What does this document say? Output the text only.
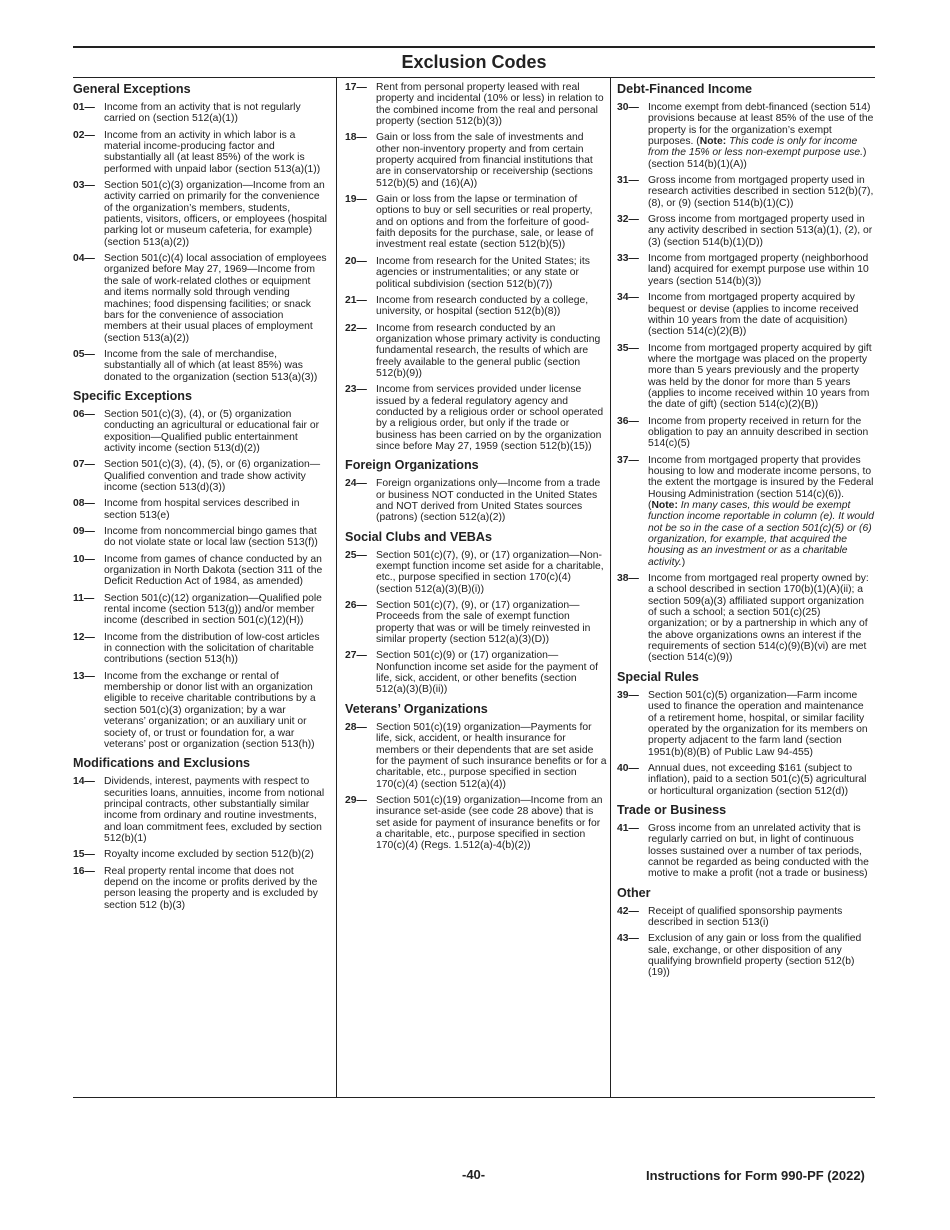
Exclusion Codes
General Exceptions
01— Income from an activity that is not regularly carried on (section 512(a)(1))
02— Income from an activity in which labor is a material income-producing factor and substantially all (at least 85%) of the work is performed with unpaid labor (section 513(a)(1))
03— Section 501(c)(3) organization—Income from an activity carried on primarily for the convenience of the organization’s members, students, patients, visitors, officers, or employees (hospital parking lot or museum cafeteria, for example) (section 513(a)(2))
04— Section 501(c)(4) local association of employees organized before May 27, 1969—Income from the sale of work-related clothes or equipment and items normally sold through vending machines; food dispensing facilities; or snack bars for the convenience of association members at their usual places of employment (section 513(a)(2))
05— Income from the sale of merchandise, substantially all of which (at least 85%) was donated to the organization (section 513(a)(3))
Specific Exceptions
06— Section 501(c)(3), (4), or (5) organization conducting an agricultural or educational fair or exposition—Qualified public entertainment activity income (section 513(d)(2))
07— Section 501(c)(3), (4), (5), or (6) organization—Qualified convention and trade show activity income (section 513(d)(3))
08— Income from hospital services described in section 513(e)
09— Income from noncommercial bingo games that do not violate state or local law (section 513(f))
10— Income from games of chance conducted by an organization in North Dakota (section 311 of the Deficit Reduction Act of 1984, as amended)
11— Section 501(c)(12) organization—Qualified pole rental income (section 513(g)) and/or member income (described in section 501(c)(12)(H))
12— Income from the distribution of low-cost articles in connection with the solicitation of charitable contributions (section 513(h))
13— Income from the exchange or rental of membership or donor list with an organization eligible to receive charitable contributions by a section 501(c)(3) organization; by a war veterans’ organization; or an auxiliary unit or society of, or trust or foundation for, a war veterans’ post or organization (section 513(h))
Modifications and Exclusions
14— Dividends, interest, payments with respect to securities loans, annuities, income from notional principal contracts, other substantially similar income from ordinary and routine investments, and loan commitment fees, excluded by section 512(b)(1)
15— Royalty income excluded by section 512(b)(2)
16— Real property rental income that does not depend on the income or profits derived by the person leasing the property and is excluded by section 512 (b)(3)
17— Rent from personal property leased with real property and incidental (10% or less) in relation to the combined income from the real and personal property (section 512(b)(3))
18— Gain or loss from the sale of investments and other non-inventory property and from certain property acquired from financial institutions that are in conservatorship or receivership (sections 512(b)(5) and (16)(A))
19— Gain or loss from the lapse or termination of options to buy or sell securities or real property, and on options and from the forfeiture of good-faith deposits for the purchase, sale, or lease of investment real estate (section 512(b)(5))
20— Income from research for the United States; its agencies or instrumentalities; or any state or political subdivision (section 512(b)(7))
21— Income from research conducted by a college, university, or hospital (section 512(b)(8))
22— Income from research conducted by an organization whose primary activity is conducting fundamental research, the results of which are freely available to the general public (section 512(b)(9))
23— Income from services provided under license issued by a federal regulatory agency and conducted by a religious order or school operated by a religious order, but only if the trade or business has been carried on by the organization since before May 27, 1959 (section 512(b)(15))
Foreign Organizations
24— Foreign organizations only—Income from a trade or business NOT conducted in the United States and NOT derived from United States sources (patrons) (section 512(a)(2))
Social Clubs and VEBAs
25— Section 501(c)(7), (9), or (17) organization—Non-exempt function income set aside for a charitable, etc., purpose specified in section 170(c)(4) (section 512(a)(3)(B)(i))
26— Section 501(c)(7), (9), or (17) organization—Proceeds from the sale of exempt function property that was or will be timely reinvested in similar property (section 512(a)(3)(D))
27— Section 501(c)(9) or (17) organization—Nonfunction income set aside for the payment of life, sick, accident, or other benefits (section 512(a)(3)(B)(ii))
Veterans’ Organizations
28— Section 501(c)(19) organization—Payments for life, sick, accident, or health insurance for members or their dependents that are set aside for the payment of such insurance benefits or for a charitable, etc., purpose specified in section 170(c)(4) (section 512(a)(4))
29— Section 501(c)(19) organization—Income from an insurance set-aside (see code 28 above) that is set aside for payment of insurance benefits or for a charitable, etc., purpose specified in section 170(c)(4) (Regs. 1.512(a)-4(b)(2))
Debt-Financed Income
30— Income exempt from debt-financed (section 514) provisions because at least 85% of the use of the property is for the organization’s exempt purposes. (Note: This code is only for income from the 15% or less non-exempt purpose use.) (section 514(b)(1)(A))
31— Gross income from mortgaged property used in research activities described in section 512(b)(7), (8), or (9) (section 514(b)(1)(C))
32— Gross income from mortgaged property used in any activity described in section 513(a)(1), (2), or (3) (section 514(b)(1)(D))
33— Income from mortgaged property (neighborhood land) acquired for exempt purpose use within 10 years (section 514(b)(3))
34— Income from mortgaged property acquired by bequest or devise (applies to income received within 10 years from the date of acquisition) (section 514(c)(2)(B))
35— Income from mortgaged property acquired by gift where the mortgage was placed on the property more than 5 years previously and the property was held by the donor for more than 5 years (applies to income received within 10 years from the date of gift) (section 514(c)(2)(B))
36— Income from property received in return for the obligation to pay an annuity described in section 514(c)(5)
37— Income from mortgaged property that provides housing to low and moderate income persons, to the extent the mortgage is insured by the Federal Housing Administration (section 514(c)(6)). (Note: In many cases, this would be exempt function income reportable in column (e). It would not be so in the case of a section 501(c)(5) or (6) organization, for example, that acquired the housing as an investment or as a charitable activity.)
38— Income from mortgaged real property owned by: a school described in section 170(b)(1)(A)(ii); a section 509(a)(3) affiliated support organization of such a school; a section 501(c)(25) organization; or by a partnership in which any of the above organizations owns an interest if the requirements of section 514(c)(9)(B)(vi) are met (section 514(c)(9))
Special Rules
39— Section 501(c)(5) organization—Farm income used to finance the operation and maintenance of a retirement home, hospital, or similar facility operated by the organization for its members on property adjacent to the farm land (section 1951(b)(8)(B) of Public Law 94-455)
40— Annual dues, not exceeding $161 (subject to inflation), paid to a section 501(c)(5) agricultural or horticultural organization (section 512(d))
Trade or Business
41— Gross income from an unrelated activity that is regularly carried on but, in light of continuous losses sustained over a number of tax periods, cannot be regarded as being conducted with the motive to make a profit (not a trade or business)
Other
42— Receipt of qualified sponsorship payments described in section 513(i)
43— Exclusion of any gain or loss from the qualified sale, exchange, or other disposition of any qualifying brownfield property (section 512(b)(19))
-40-	Instructions for Form 990-PF (2022)
